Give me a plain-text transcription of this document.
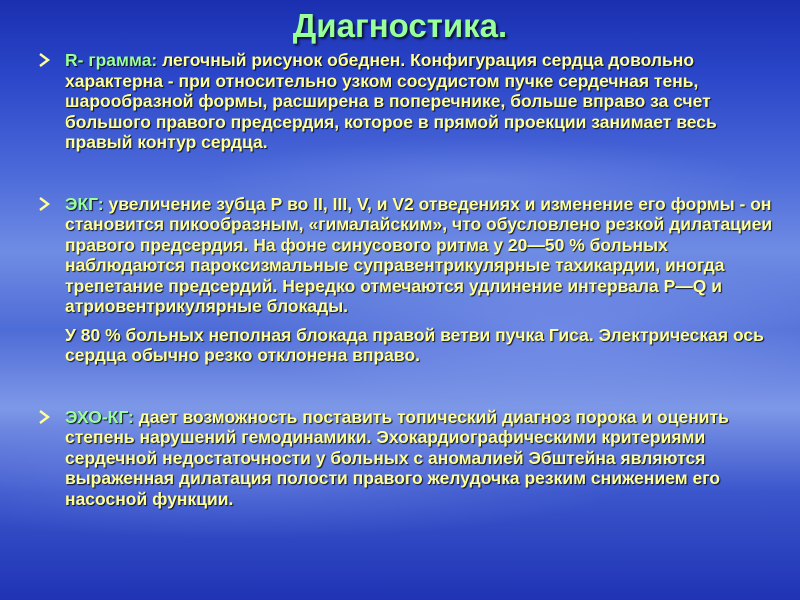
Диагностика.

R- грамма: легочный рисунок обеднен. Конфигурация сердца довольно характерна - при относительно узком сосудистом пучке сердечная тень, шарообразной формы, расширена в поперечнике, больше вправо за счет большого правого предсердия, которое в прямой проекции занимает весь правый контур сердца.

ЭКГ: увеличение зубца Р во II, III, V, и V2 отведениях и изменение его формы - он становится пикообразным, «гималайским», что обусловлено резкой дилатациеи правого предсердия. На фоне синусового ритма у 20—50 % больных наблюдаются пароксизмальные суправентрикулярные тахикардии, иногда трепетание предсердий. Нередко отмечаются удлинение интервала Р—Q и атриовентрикулярные блокады.

У 80 % больных неполная блокада правой ветви пучка Гиса. Электрическая ось сердца обычно резко отклонена вправо.

ЭХО-КГ: дает возможность поставить топический диагноз порока и оценить степень нарушений гемодинамики. Эхокардиографическими критериями сердечной недостаточности у больных с аномалией Эбштейна являются выраженная дилатация полости правого желудочка резким снижением его насосной функции.
